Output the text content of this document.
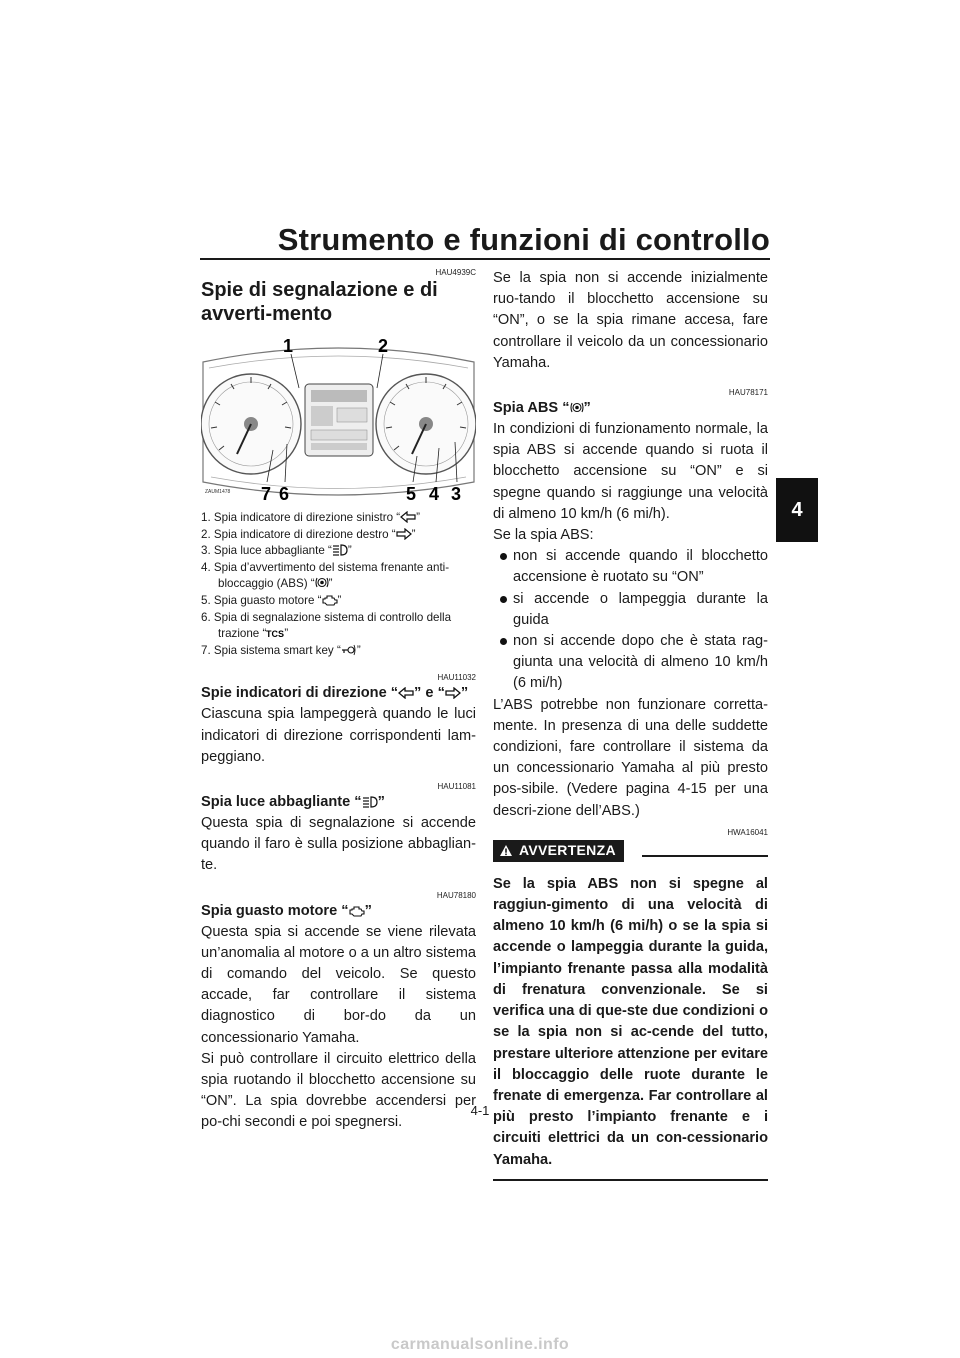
Strumento e funzioni di controllo
4

HAU4939C

Spie di segnalazione e di avverti-mento
1	2
7 6	5 4 3
ZAUM1478
1. Spia indicatore di direzione sinistro “ ”
2. Spia indicatore di direzione destro “ ”
3. Spia luce abbagliante “ ”
4. Spia d’avvertimento del sistema frenante anti-bloccaggio (ABS) “ ”
5. Spia guasto motore “ ”
6. Spia di segnalazione sistema di controllo della trazione “ TCS ”
7. Spia sistema smart key “ ”

HAU11032

Spie indicatori di direzione “ ” e “ ”

Ciascuna spia lampeggerà quando le luci indicatori di direzione corrispondenti lam-peggiano.

HAU11081

Spia luce abbagliante “ ”

Questa spia di segnalazione si accende quando il faro è sulla posizione abbaglian-te.

HAU78180

Spia guasto motore “ ”

Questa spia si accende se viene rilevata un’anomalia al motore o a un altro sistema di comando del veicolo. Se questo accade, far controllare il sistema diagnostico di bor-do da un concessionario Yamaha.

Si può controllare il circuito elettrico della spia ruotando il blocchetto accensione su “ON”. La spia dovrebbe accendersi per po-chi secondi e poi spegnersi.

Se la spia non si accende inizialmente ruo-tando il blocchetto accensione su “ON”, o se la spia rimane accesa, fare controllare il veicolo da un concessionario Yamaha.

HAU78171

Spia ABS “ ”

In condizioni di funzionamento normale, la spia ABS si accende quando si ruota il blocchetto accensione su “ON” e si spegne quando si raggiunge una velocità di almeno 10 km/h (6 mi/h).

Se la spia ABS:

non si accende quando il blocchetto accensione è ruotato su “ON”
si accende o lampeggia durante la guida
non si accende dopo che è stata rag-giunta una velocità di almeno 10 km/h (6 mi/h)

L’ABS potrebbe non funzionare corretta-mente. In presenza di una delle suddette condizioni, fare controllare il sistema da un concessionario Yamaha al più presto pos-sibile. (Vedere pagina 4-15 per una descri-zione dell’ABS.)

HWA16041

AVVERTENZA

Se la spia ABS non si spegne al raggiun-gimento di una velocità di almeno 10 km/h (6 mi/h) o se la spia si accende o lampeggia durante la guida, l’impianto frenante passa alla modalità di frenatura convenzionale. Se si verifica una di que-ste due condizioni o se la spia non si ac-cende del tutto, prestare ulteriore attenzione per evitare il bloccaggio delle ruote durante le frenate di emergenza. Far controllare al più presto l’impianto frenante e i circuiti elettrici da un con-cessionario Yamaha.

4-1
carmanualsonline.info
